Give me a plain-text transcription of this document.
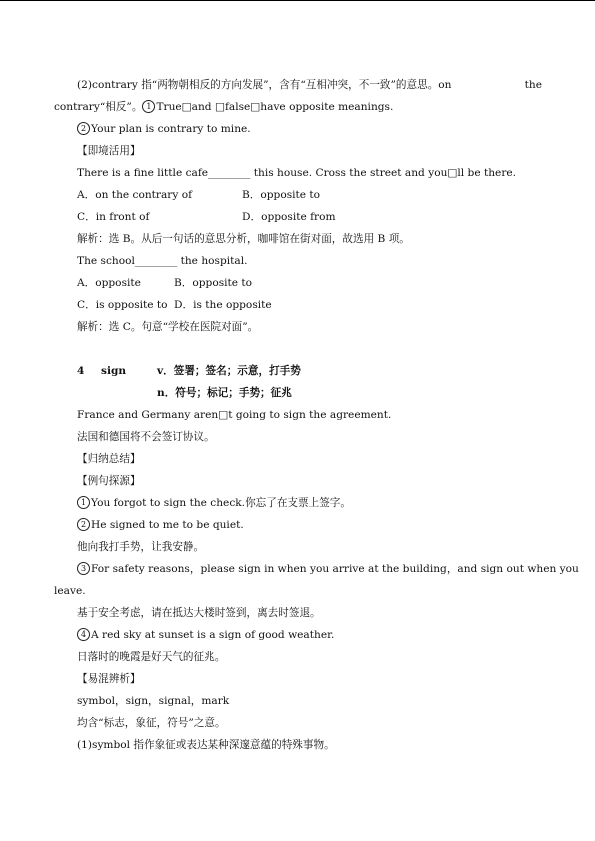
(2)contrary 指“两物朝相反的方向发展”，含有“互相冲突，不一致”的意思。on	the
contrary“相反”。 1 True□and □false□have opposite meanings.
2 Your plan is contrary to mine.
【即境活用】
There is a fine little cafe________ this house. Cross the street and you□ll be there.
A．on the contrary of	B．opposite to
C．in front of	D．opposite from
解析：选 B。从后一句话的意思分析，咖啡馆在街对面，故选用 B 项。
The school________ the hospital.
A．opposite	B．opposite to
C．is opposite to D．is the opposite
解析：选 C。句意“学校在医院对面”。
4 sign	v．签署；签名；示意，打手势
n．符号；标记；手势；征兆
France and Germany aren□t going to sign the agreement.
法国和德国将不会签订协议。
【归纳总结】
【例句探源】
1 You forgot to sign the check.你忘了在支票上签字。
2 He signed to me to be quiet.
他向我打手势，让我安静。
3 For safety reasons，please sign in when you arrive at the building，and sign out when you
leave.
基于安全考虑，请在抵达大楼时签到，离去时签退。
4 A red sky at sunset is a sign of good weather.
日落时的晚霞是好天气的征兆。
【易混辨析】
symbol，sign，signal，mark
均含“标志，象征，符号”之意。
(1)symbol 指作象征或表达某种深邃意蕴的特殊事物。
